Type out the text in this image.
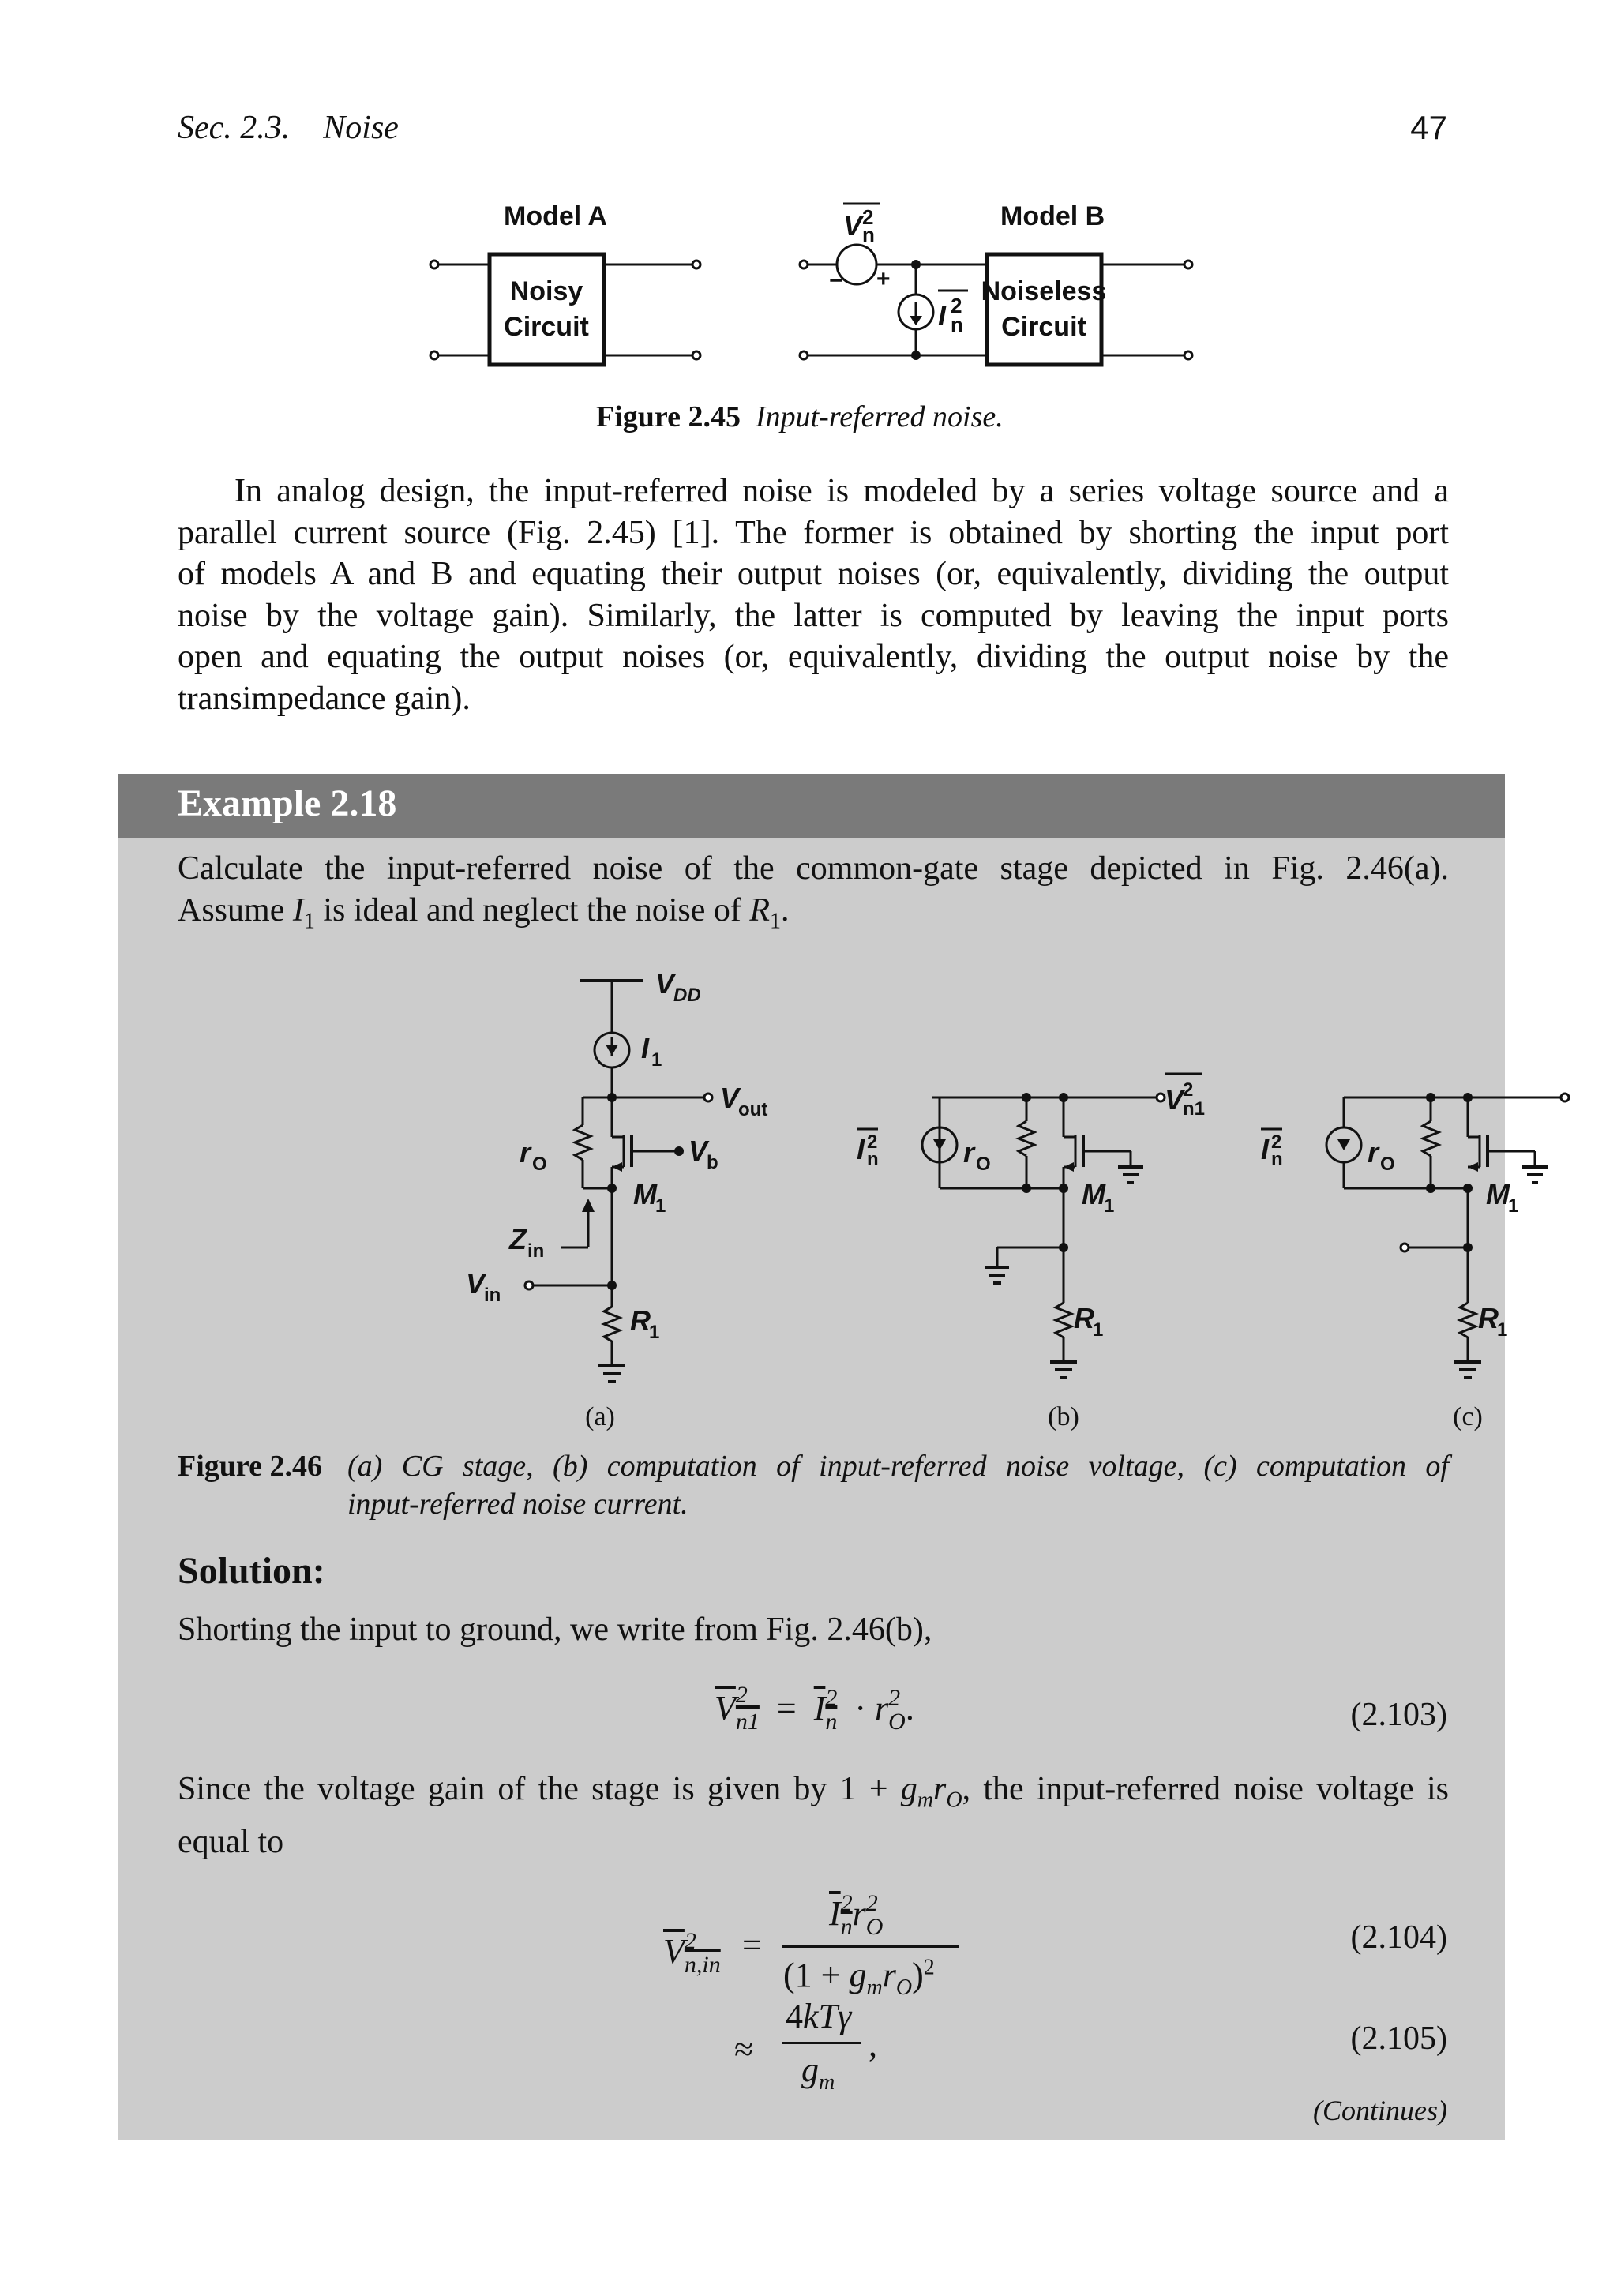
Sec. 2.3.    Noise	47
Model A	Model B
Noisy
Circuit
Noiseless
Circuit
V 2
n
− +
I 2
n
Figure 2.45 Input-referred noise.
In analog design, the input-referred noise is modeled by a series voltage source and a
parallel current source (Fig. 2.45) [1]. The former is obtained by shorting the input port
of models A and B and equating their output noises (or, equivalently, dividing the output
noise by the voltage gain). Similarly, the latter is computed by leaving the input ports
open and equating the output noises (or, equivalently, dividing the output noise by the
transimpedance gain).
Example 2.18
Calculate the input-referred noise of the common-gate stage depicted in Fig. 2.46(a).
Assume $I_1$ is ideal and neglect the noise of $R_1$.
V
DD
I 1
V
out
V
b
r O
M
1
Z in
V
in
R
1
I 2
n	r O
M
1
R
1
V
2
n1
I 2
n	r O
M
1
R
1
(a)	(b)	(c)
Figure 2.46 (a) CG stage, (b) computation of input-referred noise voltage, (c) computation of
input-referred noise current.
Solution:
Shorting the input to ground, we write from Fig. 2.46(b),
V 2
n1  =  I 2
n  · r 2
O.	(2.103)
Since the voltage gain of the stage is given by $1 + g_mr_O$, the input-referred noise voltage is
equal to
V 2
n,in
=
I 2
nr 2
O
$(1 + g_mr_O)^2$
(2.104)
≈
4kTγ
,
$g_m$
(2.105)
(Continues)
